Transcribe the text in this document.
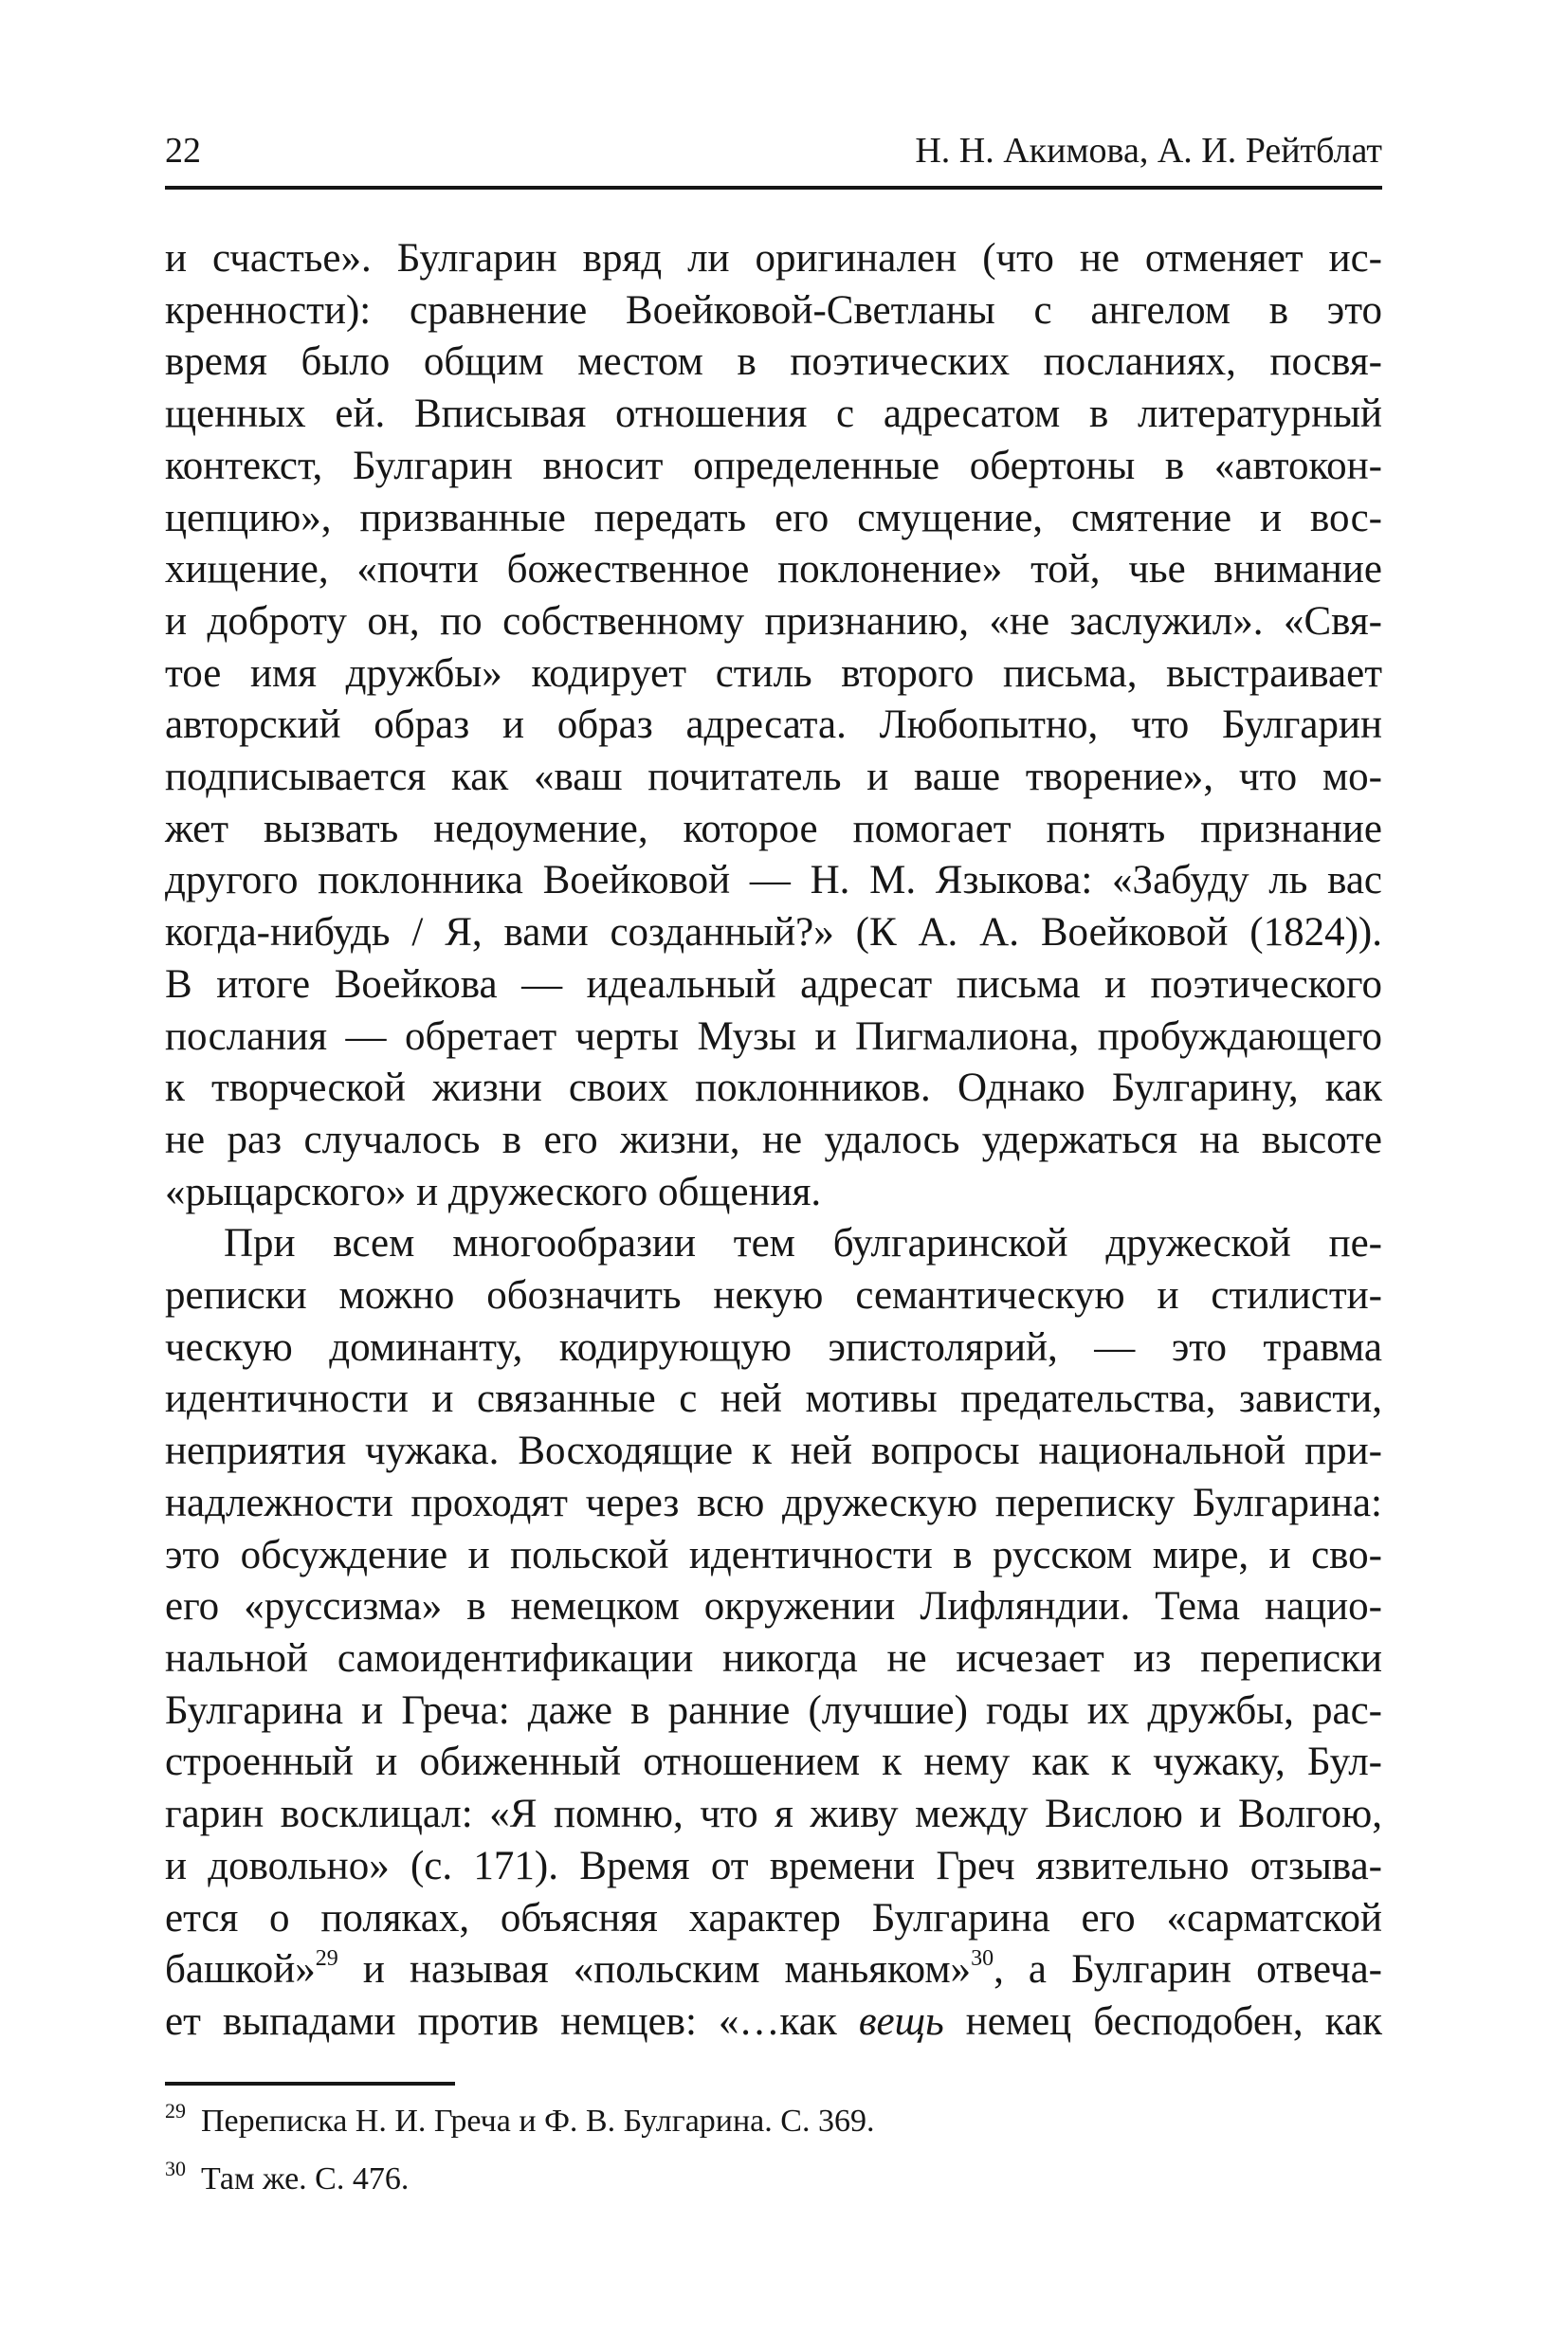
22	Н. Н. Акимова, А. И. Рейтблат
и счастье». Булгарин вряд ли оригинален (что не отменяет ис-
кренности): сравнение Воейковой-Светланы с ангелом в это
время было общим местом в поэтических посланиях, посвя-
щенных ей. Вписывая отношения с адресатом в литературный
контекст, Булгарин вносит определенные обертоны в «автокон-
цепцию», призванные передать его смущение, смятение и вос-
хищение, «почти божественное поклонение» той, чье внимание
и доброту он, по собственному признанию, «не заслужил». «Свя-
тое имя дружбы» кодирует стиль второго письма, выстраивает
авторский образ и образ адресата. Любопытно, что Булгарин
подписывается как «ваш почитатель и ваше творение», что мо-
жет вызвать недоумение, которое помогает понять признание
другого поклонника Воейковой — Н. М. Языкова: «Забуду ль вас
когда-нибудь / Я, вами созданный?» (К А. А. Воейковой (1824)).
В итоге Воейкова — идеальный адресат письма и поэтического
послания — обретает черты Музы и Пигмалиона, пробуждающего
к творческой жизни своих поклонников. Однако Булгарину, как
не раз случалось в его жизни, не удалось удержаться на высоте
«рыцарского» и дружеского общения.
При всем многообразии тем булгаринской дружеской пе-
реписки можно обозначить некую семантическую и стилисти-
ческую доминанту, кодирующую эпистолярий, — это травма
идентичности и связанные с ней мотивы предательства, зависти,
неприятия чужака. Восходящие к ней вопросы национальной при-
надлежности проходят через всю дружескую переписку Булгарина:
это обсуждение и польской идентичности в русском мире, и сво-
его «руссизма» в немецком окружении Лифляндии. Тема нацио-
нальной самоидентификации никогда не исчезает из переписки
Булгарина и Греча: даже в ранние (лучшие) годы их дружбы, рас-
строенный и обиженный отношением к нему как к чужаку, Бул-
гарин восклицал: «Я помню, что я живу между Вислою и Волгою,
и довольно» (с. 171). Время от времени Греч язвительно отзыва-
ется о поляках, объясняя характер Булгарина его «сарматской
башкой»$^{29}$ и называя «польским маньяком»$^{30}$, а Булгарин отвеча-
ет выпадами против немцев: «…как вещь немец бесподобен, как
$^{29}$ Переписка Н. И. Греча и Ф. В. Булгарина. С. 369.
$^{30}$ Там же. С. 476.
